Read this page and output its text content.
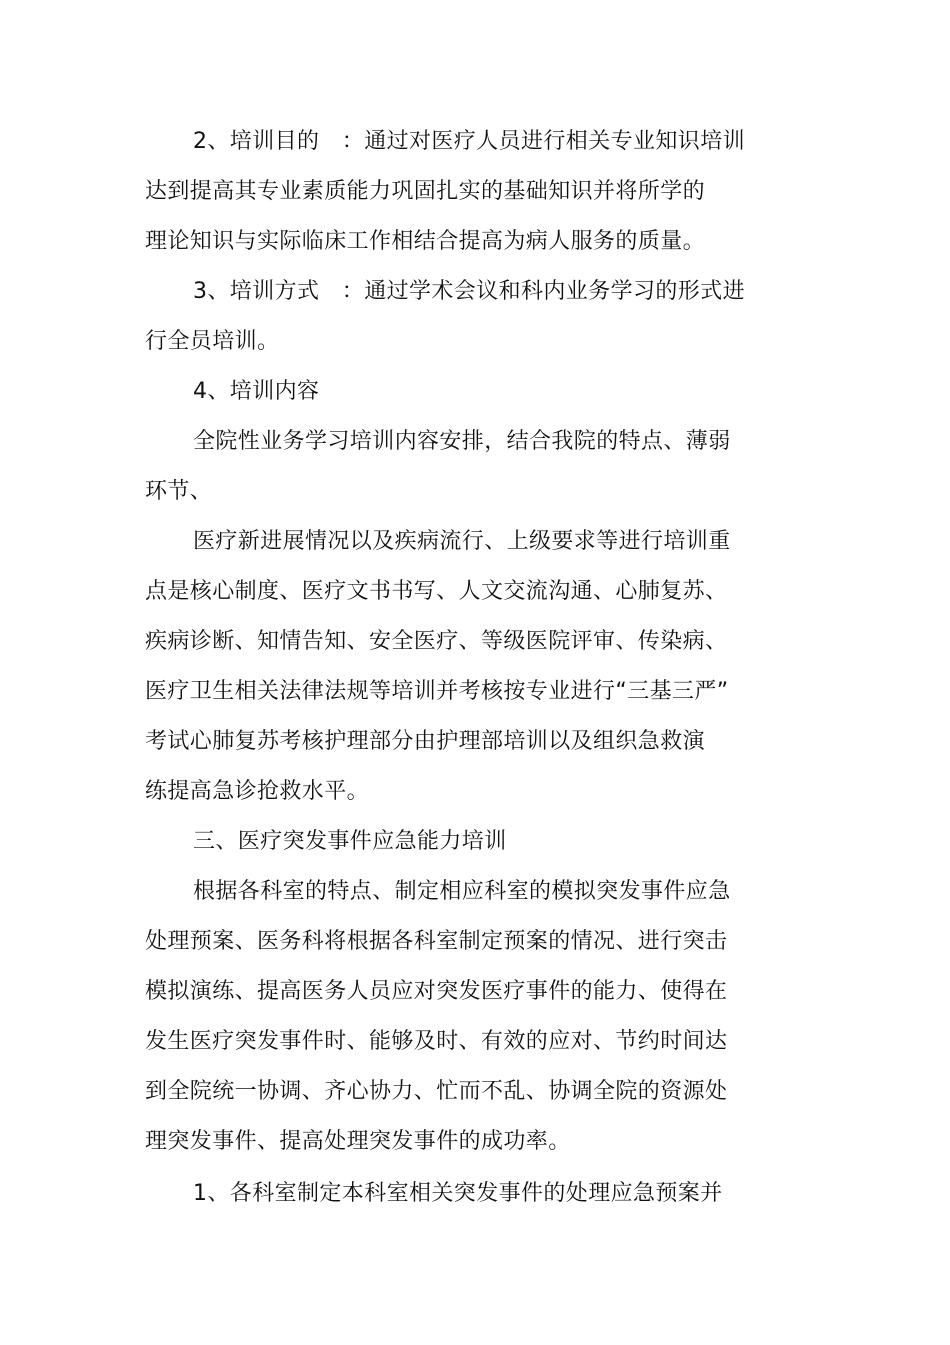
2、培训目的　：通过对医疗人员进行相关专业知识培训
达到提高其专业素质能力巩固扎实的基础知识并将所学的
理论知识与实际临床工作相结合提高为病人服务的质量。
3、培训方式　：通过学术会议和科内业务学习的形式进
行全员培训。
4、培训内容
全院性业务学习培训内容安排，结合我院的特点、薄弱
环节、
医疗新进展情况以及疾病流行、上级要求等进行培训重
点是核心制度、医疗文书书写、人文交流沟通、心肺复苏、
疾病诊断、知情告知、安全医疗、等级医院评审、传染病、
医疗卫生相关法律法规等培训并考核按专业进行“三基三严”
考试心肺复苏考核护理部分由护理部培训以及组织急救演
练提高急诊抢救水平。
三、医疗突发事件应急能力培训
根据各科室的特点、制定相应科室的模拟突发事件应急
处理预案、医务科将根据各科室制定预案的情况、进行突击
模拟演练、提高医务人员应对突发医疗事件的能力、使得在
发生医疗突发事件时、能够及时、有效的应对、节约时间达
到全院统一协调、齐心协力、忙而不乱、协调全院的资源处
理突发事件、提高处理突发事件的成功率。
1、各科室制定本科室相关突发事件的处理应急预案并
